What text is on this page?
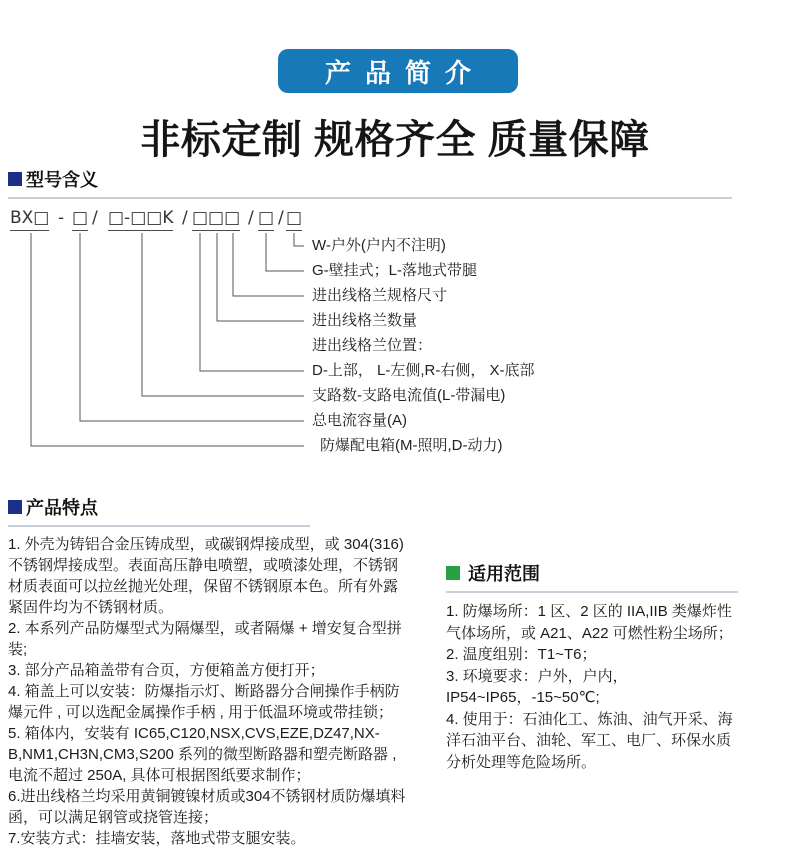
产品简介
非标定制 规格齐全 质量保障
型号含义
BX□ - □ / □-□□K / □□□ / □ / □
W-户外(户内不注明)
G-壁挂式；L-落地式带腿
进出线格兰规格尺寸
进出线格兰数量
进出线格兰位置：
D-上部， L-左侧,R-右侧， X-底部
支路数-支路电流值(L-带漏电)
总电流容量(A)
防爆配电箱(M-照明,D-动力)
产品特点

1. 外壳为铸铝合金压铸成型，或碳钢焊接成型，或 304(316)不锈钢焊接成型。表面高压静电喷塑，或喷漆处理，不锈钢材质表面可以拉丝抛光处理，保留不锈钢原本色。所有外露紧固件均为不锈钢材质。

2. 本系列产品防爆型式为隔爆型，或者隔爆 + 增安复合型拼装;

3. 部分产品箱盖带有合页，方便箱盖方便打开；

4. 箱盖上可以安装：防爆指示灯、断路器分合闸操作手柄防爆元件 , 可以选配金属操作手柄 , 用于低温环境或带挂锁；

5. 箱体内，安装有 IC65,C120,NSX,CVS,EZE,DZ47,NX-B,NM1,CH3N,CM3,S200 系列的微型断路器和塑壳断路器 , 电流不超过 250A, 具体可根据图纸要求制作；

6.进出线格兰均采用黄铜镀镍材质或304不锈钢材质防爆填料函，可以满足钢管或挠管连接；

7.安装方式：挂墙安装，落地式带支腿安装。

适用范围

1. 防爆场所：1 区、2 区的 IIA,IIB 类爆炸性气体场所，或 A21、A22 可燃性粉尘场所；

2. 温度组别：T1~T6；

3. 环境要求：户外，户内，IP54~IP65，-15~50℃;

4. 使用于：石油化工、炼油、油气开采、海洋石油平台、油轮、军工、电厂、环保水质分析处理等危险场所。
